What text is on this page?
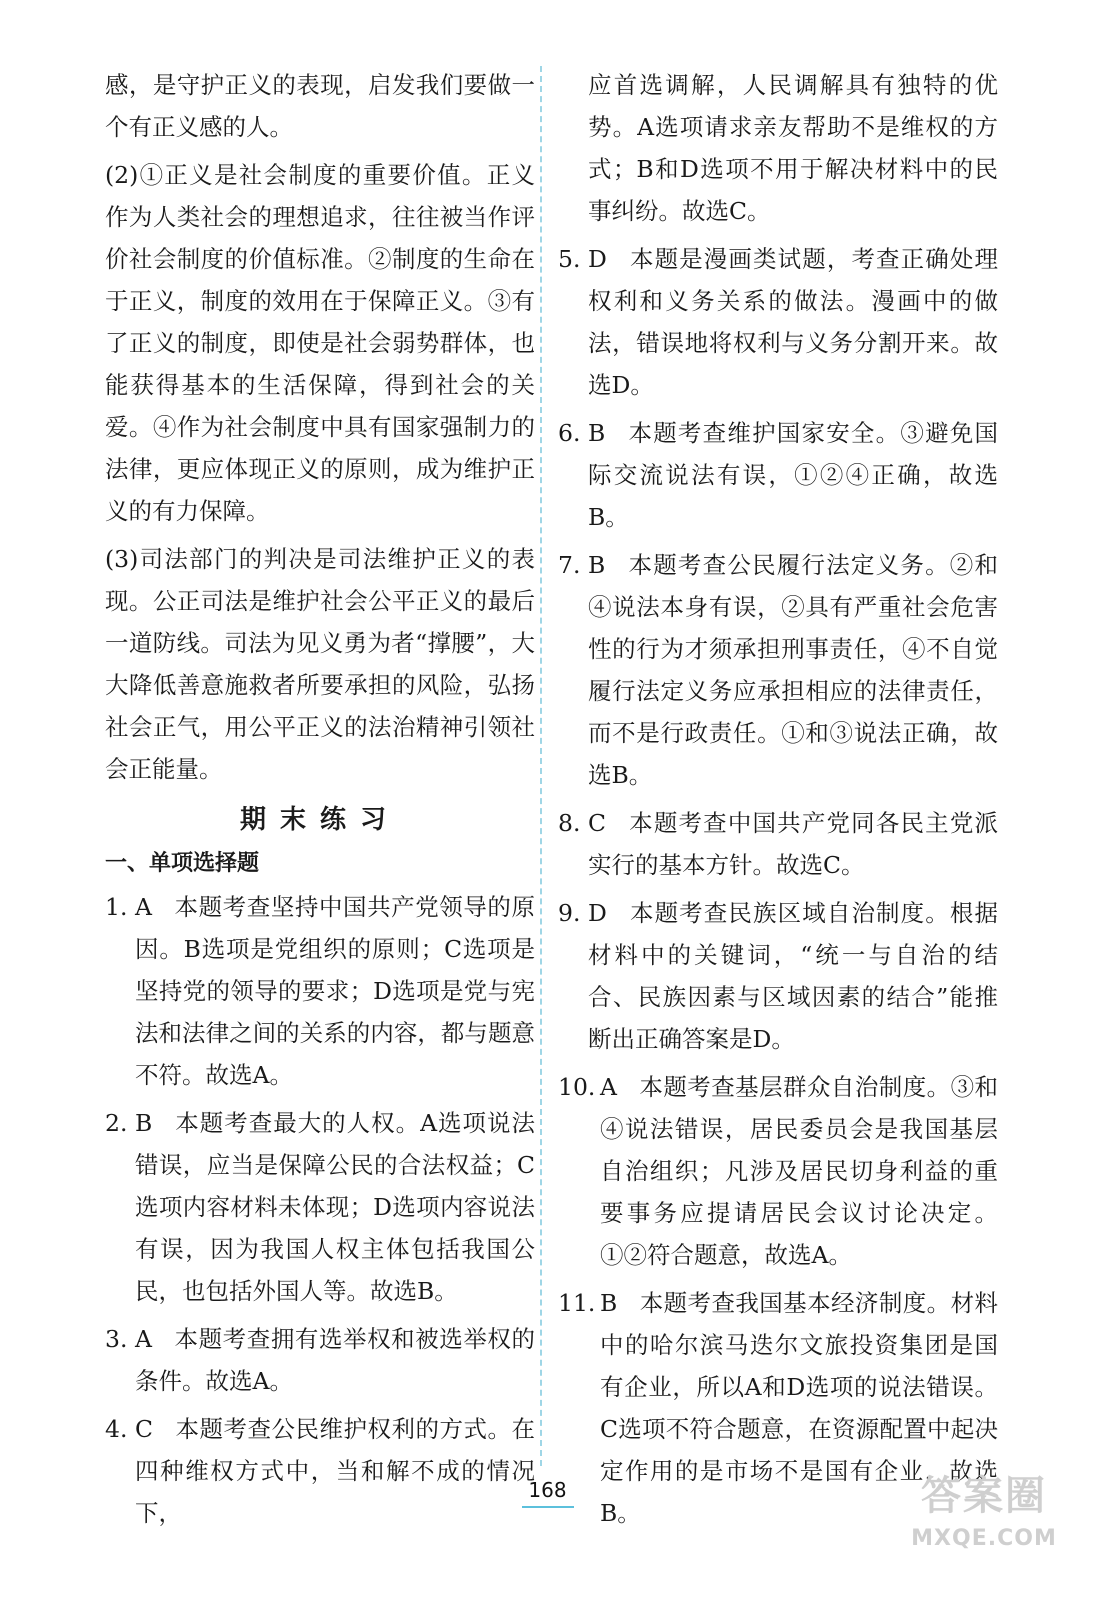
感，是守护正义的表现，启发我们要做一个有正义感的人。

(2)①正义是社会制度的重要价值。正义作为人类社会的理想追求，往往被当作评价社会制度的价值标准。②制度的生命在于正义，制度的效用在于保障正义。③有了正义的制度，即使是社会弱势群体，也能获得基本的生活保障，得到社会的关爱。④作为社会制度中具有国家强制力的法律，更应体现正义的原则，成为维护正义的有力保障。

(3)司法部门的判决是司法维护正义的表现。公正司法是维护社会公平正义的最后一道防线。司法为见义勇为者“撑腰”，大大降低善意施救者所要承担的风险，弘扬社会正气，用公平正义的法治精神引领社会正能量。

期末练习
一、单项选择题
1. A 本题考查坚持中国共产党领导的原因。B选项是党组织的原则；C选项是坚持党的领导的要求；D选项是党与宪法和法律之间的关系的内容，都与题意不符。故选A。
2. B 本题考查最大的人权。A选项说法错误，应当是保障公民的合法权益；C选项内容材料未体现；D选项内容说法有误，因为我国人权主体包括我国公民，也包括外国人等。故选B。
3. A 本题考查拥有选举权和被选举权的条件。故选A。
4. C 本题考查公民维护权利的方式。在四种维权方式中，当和解不成的情况下，

应首选调解，人民调解具有独特的优势。A选项请求亲友帮助不是维权的方式；B和D选项不用于解决材料中的民事纠纷。故选C。

5. D 本题是漫画类试题，考查正确处理权利和义务关系的做法。漫画中的做法，错误地将权利与义务分割开来。故选D。
6. B 本题考查维护国家安全。③避免国际交流说法有误，①②④正确，故选B。
7. B 本题考查公民履行法定义务。②和④说法本身有误，②具有严重社会危害性的行为才须承担刑事责任，④不自觉履行法定义务应承担相应的法律责任，而不是行政责任。①和③说法正确，故选B。
8. C 本题考查中国共产党同各民主党派实行的基本方针。故选C。
9. D 本题考查民族区域自治制度。根据材料中的关键词，“统一与自治的结合、民族因素与区域因素的结合”能推断出正确答案是D。
10. A 本题考查基层群众自治制度。③和④说法错误，居民委员会是我国基层自治组织；凡涉及居民切身利益的重要事务应提请居民会议讨论决定。①②符合题意，故选A。
11. B 本题考查我国基本经济制度。材料中的哈尔滨马迭尔文旅投资集团是国有企业，所以A和D选项的说法错误。C选项不符合题意，在资源配置中起决定作用的是市场不是国有企业，故选B。
168	答案圈
MXQE.COM
